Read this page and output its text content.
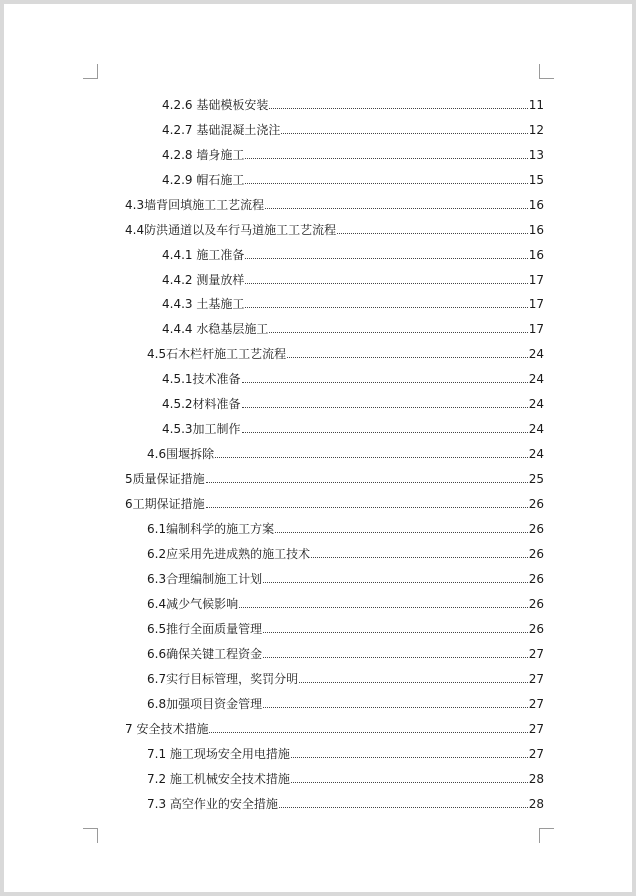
4.2.6 基础模板安装	11
4.2.7 基础混凝土浇注	12
4.2.8 墙身施工	13
4.2.9 帽石施工	15
4.3墙背回填施工工艺流程	16
4.4防洪通道以及车行马道施工工艺流程	16
4.4.1 施工准备	16
4.4.2 测量放样	17
4.4.3 土基施工	17
4.4.4 水稳基层施工	17
4.5石木栏杆施工工艺流程	24
4.5.1技术准备	24
4.5.2材料准备	24
4.5.3加工制作	24
4.6围堰拆除	24
5质量保证措施	25
6工期保证措施	26
6.1编制科学的施工方案	26
6.2应采用先进成熟的施工技术	26
6.3合理编制施工计划	26
6.4减少气候影响	26
6.5推行全面质量管理	26
6.6确保关键工程资金	27
6.7实行目标管理，奖罚分明	27
6.8加强项目资金管理	27
7 安全技术措施	27
7.1 施工现场安全用电措施	27
7.2 施工机械安全技术措施	28
7.3 高空作业的安全措施	28
